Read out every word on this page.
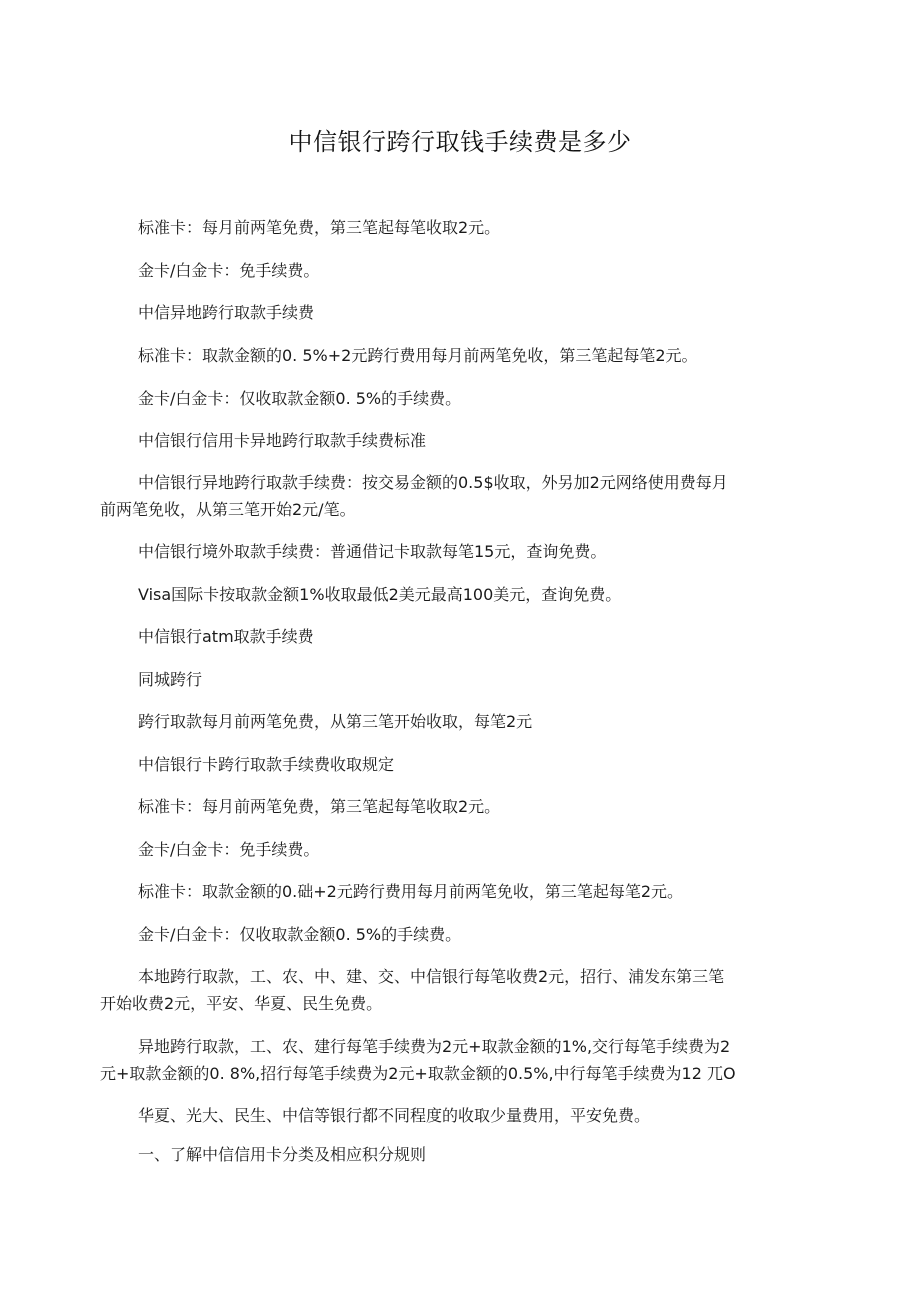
中信银行跨行取钱手续费是多少

标准卡：每月前两笔免费，第三笔起每笔收取2元。

金卡/白金卡：免手续费。

中信异地跨行取款手续费

标准卡：取款金额的0. 5%+2元跨行费用每月前两笔免收，第三笔起每笔2元。

金卡/白金卡：仅收取款金额0. 5%的手续费。

中信银行信用卡异地跨行取款手续费标准

中信银行异地跨行取款手续费：按交易金额的0.5$收取，外另加2元网络使用费每月前两笔免收，从第三笔开始2元/笔。

中信银行境外取款手续费：普通借记卡取款每笔15元，查询免费。

Visa国际卡按取款金额1%收取最低2美元最高100美元，查询免费。

中信银行atm取款手续费

同城跨行

跨行取款每月前两笔免费，从第三笔开始收取，每笔2元

中信银行卡跨行取款手续费收取规定

标准卡：每月前两笔免费，第三笔起每笔收取2元。

金卡/白金卡：免手续费。

标准卡：取款金额的0.础+2元跨行费用每月前两笔免收，第三笔起每笔2元。

金卡/白金卡：仅收取款金额0. 5%的手续费。

本地跨行取款，工、农、中、建、交、中信银行每笔收费2元，招行、浦发东第三笔开始收费2元，平安、华夏、民生免费。

异地跨行取款，工、农、建行每笔手续费为2元+取款金额的1%,交行每笔手续费为2元+取款金额的0. 8%,招行每笔手续费为2元+取款金额的0.5%,中行每笔手续费为12 兀O

华夏、光大、民生、中信等银行都不同程度的收取少量费用，平安免费。

一、了解中信信用卡分类及相应积分规则
